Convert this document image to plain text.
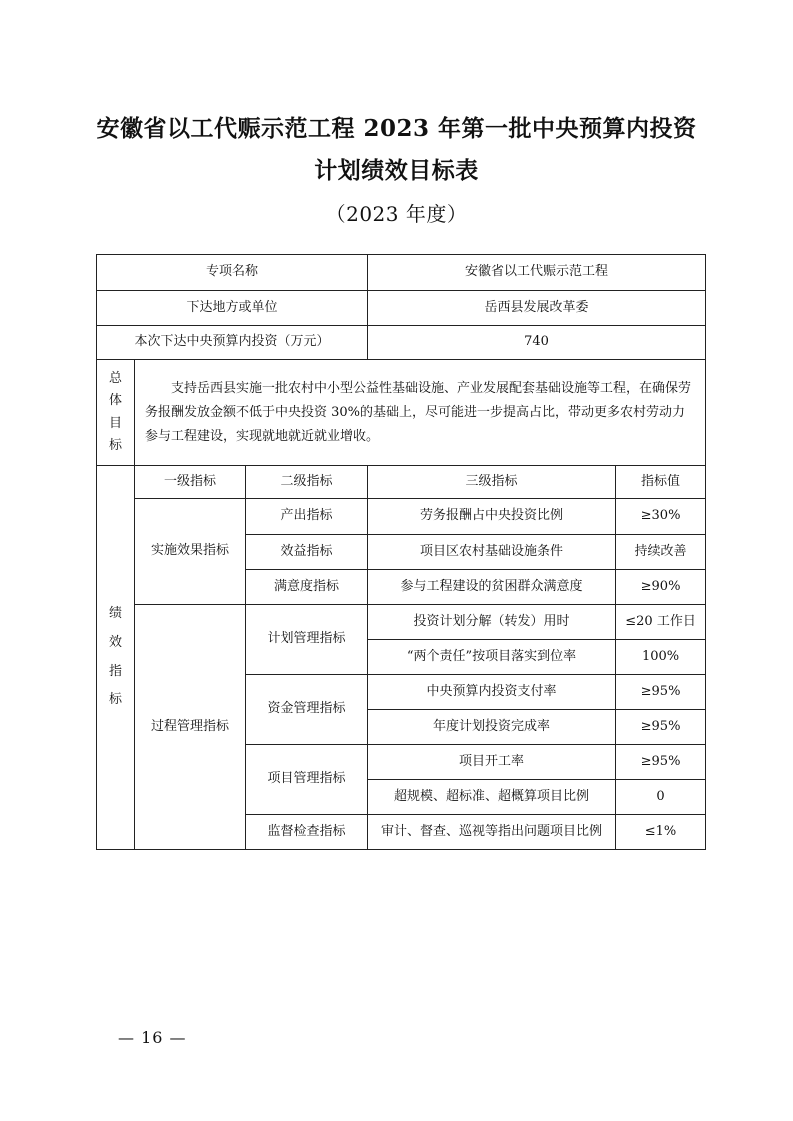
安徽省以工代赈示范工程 2023 年第一批中央预算内投资
计划绩效目标表
（2023 年度）
专项名称			安徽省以工代赈示范工程	
下达地方或单位			岳西县发展改革委	
本次下达中央预算内投资（万元）			740	

总
体
目
标	支持岳西县实施一批农村中小型公益性基础设施、产业发展配套基础设施等工程，在确保劳务报酬发放金额不低于中央投资 30%的基础上，尽可能进一步提高占比，带动更多农村劳动力参与工程建设，实现就地就近就业增收。			

绩
效
指
标	一级指标	二级指标	三级指标	指标值
	实施效果指标	产出指标	劳务报酬占中央投资比例	≥30%
		效益指标	项目区农村基础设施条件	持续改善
		满意度指标	参与工程建设的贫困群众满意度	≥90%
	过程管理指标	计划管理指标	投资计划分解（转发）用时	≤20 工作日
			“两个责任”按项目落实到位率	100%
		资金管理指标	中央预算内投资支付率	≥95%
			年度计划投资完成率	≥95%
		项目管理指标	项目开工率	≥95%
			超规模、超标准、超概算项目比例	0
		监督检查指标	审计、督查、巡视等指出问题项目比例	≤1%
— 16 —
